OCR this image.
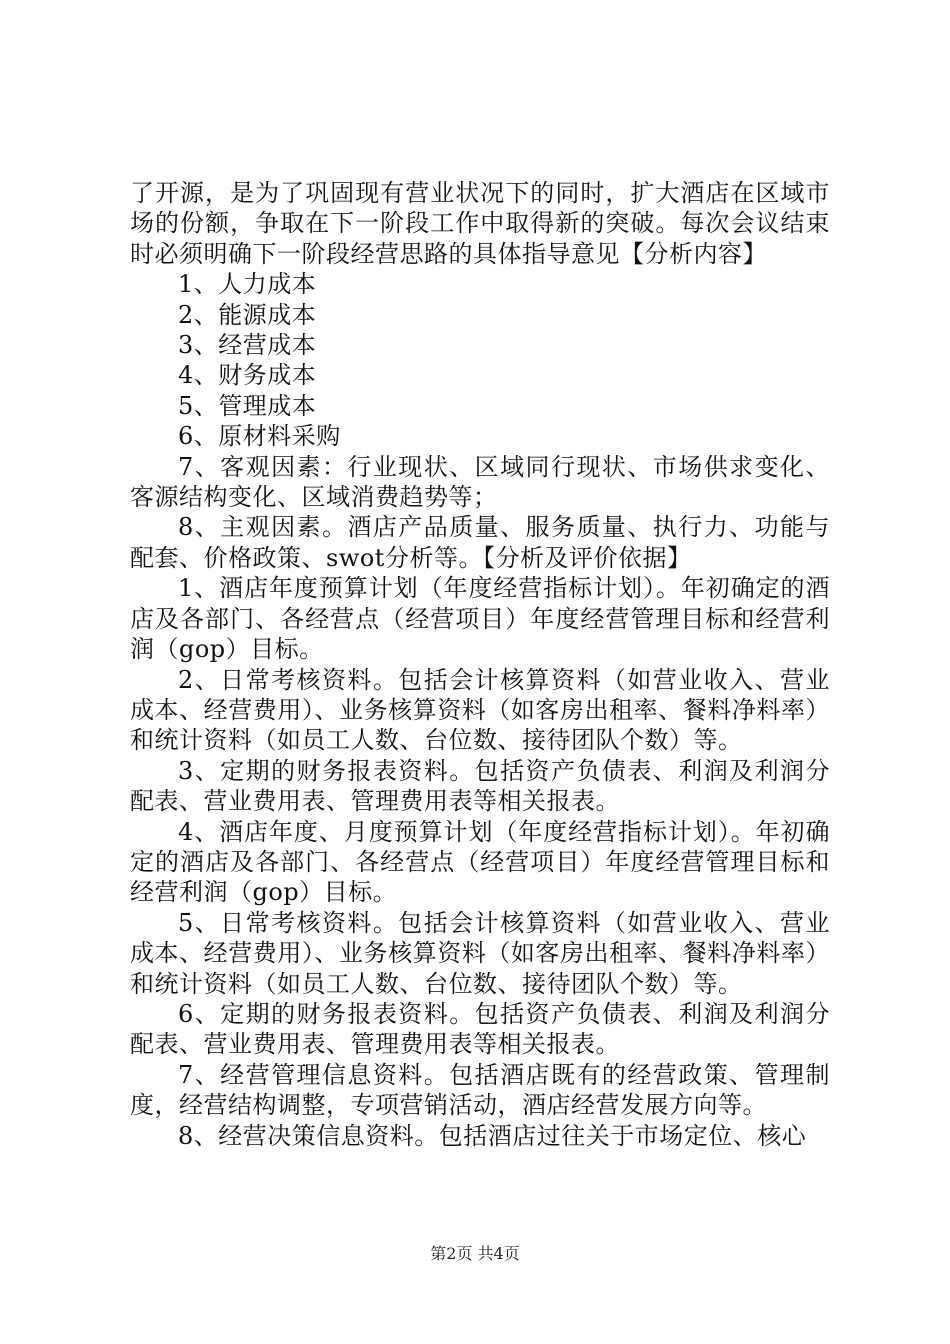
了开源，是为了巩固现有营业状况下的同时，扩大酒店在区域市场的份额，争取在下一阶段工作中取得新的突破。每次会议结束时必须明确下一阶段经营思路的具体指导意见【分析内容】

1、人力成本

2、能源成本

3、经营成本

4、财务成本

5、管理成本

6、原材料采购

7、客观因素：行业现状、区域同行现状、市场供求变化、客源结构变化、区域消费趋势等；

8、主观因素。酒店产品质量、服务质量、执行力、功能与配套、价格政策、swot分析等。【分析及评价依据】

1、酒店年度预算计划（年度经营指标计划）。年初确定的酒店及各部门、各经营点（经营项目）年度经营管理目标和经营利润（gop）目标。

2、日常考核资料。包括会计核算资料（如营业收入、营业成本、经营费用）、业务核算资料（如客房出租率、餐料净料率）和统计资料（如员工人数、台位数、接待团队个数）等。

3、定期的财务报表资料。包括资产负债表、利润及利润分配表、营业费用表、管理费用表等相关报表。

4、酒店年度、月度预算计划（年度经营指标计划）。年初确定的酒店及各部门、各经营点（经营项目）年度经营管理目标和经营利润（gop）目标。

5、日常考核资料。包括会计核算资料（如营业收入、营业成本、经营费用）、业务核算资料（如客房出租率、餐料净料率）和统计资料（如员工人数、台位数、接待团队个数）等。

6、定期的财务报表资料。包括资产负债表、利润及利润分配表、营业费用表、管理费用表等相关报表。

7、经营管理信息资料。包括酒店既有的经营政策、管理制度，经营结构调整，专项营销活动，酒店经营发展方向等。

8、经营决策信息资料。包括酒店过往关于市场定位、核心

第2页 共4页
